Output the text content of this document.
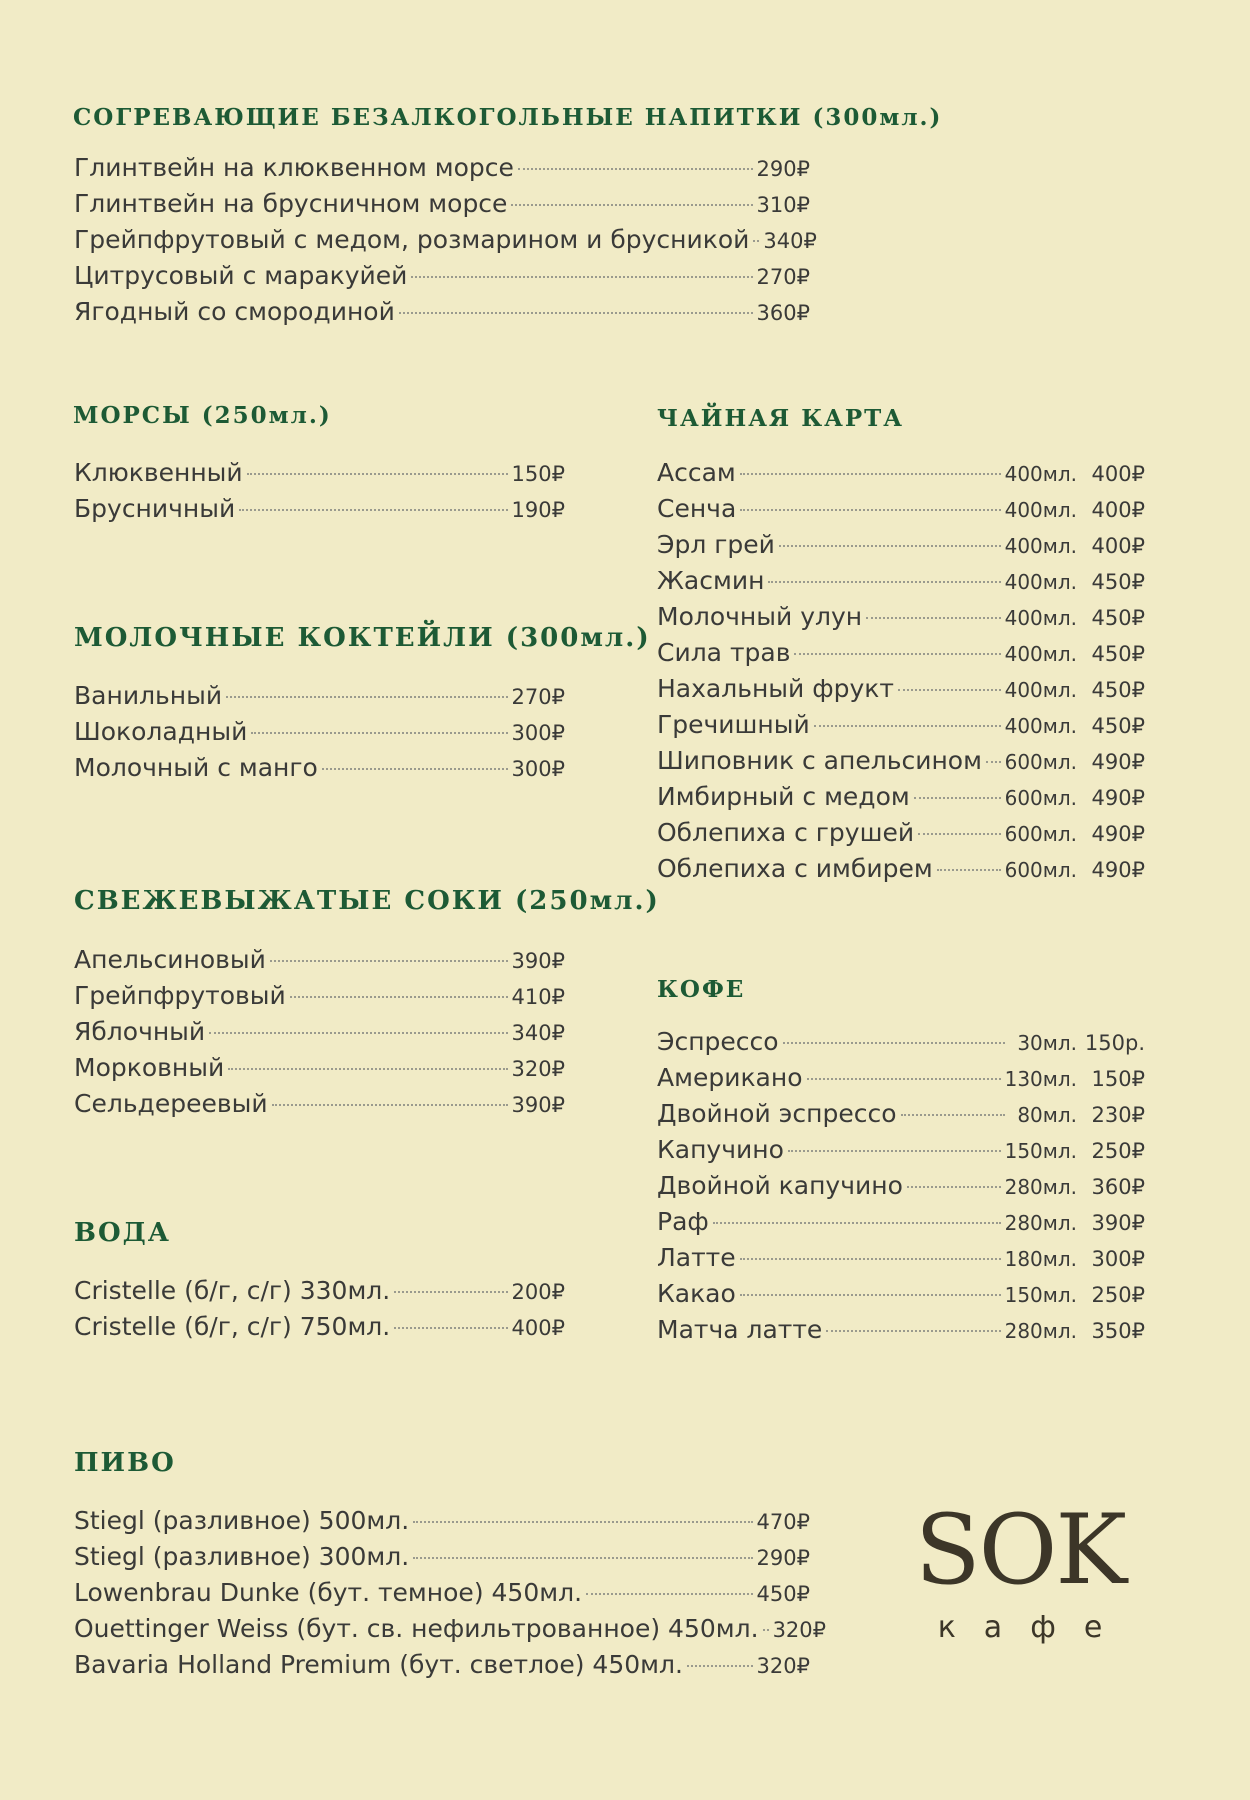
СОГРЕВАЮЩИЕ БЕЗАЛКОГОЛЬНЫЕ НАПИТКИ (300мл.)
Глинтвейн на клюквенном морсе	290₽
Глинтвейн на брусничном морсе	310₽
Грейпфрутовый с медом, розмарином и брусникой 340₽
Цитрусовый с маракуйей	270₽
Ягодный со смородиной	360₽
МОРСЫ (250мл.)
Клюквенный	150₽
Брусничный	190₽
МОЛОЧНЫЕ КОКТЕЙЛИ (300мл.)
Ванильный	270₽
Шоколадный	300₽
Молочный с манго	300₽
СВЕЖЕВЫЖАТЫЕ СОКИ (250мл.)
Апельсиновый	390₽
Грейпфрутовый	410₽
Яблочный	340₽
Морковный	320₽
Сельдереевый	390₽
ВОДА
Cristelle (б/г, с/г) 330мл.	200₽
Cristelle (б/г, с/г) 750мл.	400₽
ЧАЙНАЯ КАРТА
Ассам	400мл. 400₽
Сенча	400мл. 400₽
Эрл грей	400мл. 400₽
Жасмин	400мл. 450₽
Молочный улун	400мл. 450₽
Сила трав	400мл. 450₽
Нахальный фрукт	400мл. 450₽
Гречишный	400мл. 450₽
Шиповник с апельсином 600мл. 490₽
Имбирный с медом	600мл. 490₽
Облепиха с грушей	600мл. 490₽
Облепиха с имбирем	600мл. 490₽
КОФЕ
Эспрессо	30мл. 150р.
Американо	130мл. 150₽
Двойной эспрессо	80мл. 230₽
Капучино	150мл. 250₽
Двойной капучино	280мл. 360₽
Раф	280мл. 390₽
Латте	180мл. 300₽
Какао	150мл. 250₽
Матча латте	280мл. 350₽
ПИВО
Stiegl (разливное) 500мл.	470₽
Stiegl (разливное) 300мл.	290₽
Lowenbrau Dunke (бут. темное) 450мл.	450₽
Ouettinger Weiss (бут. св. нефильтрованное) 450мл. 320₽
Bavaria Holland Premium (бут. светлое) 450мл.	320₽
SOK
кафе
